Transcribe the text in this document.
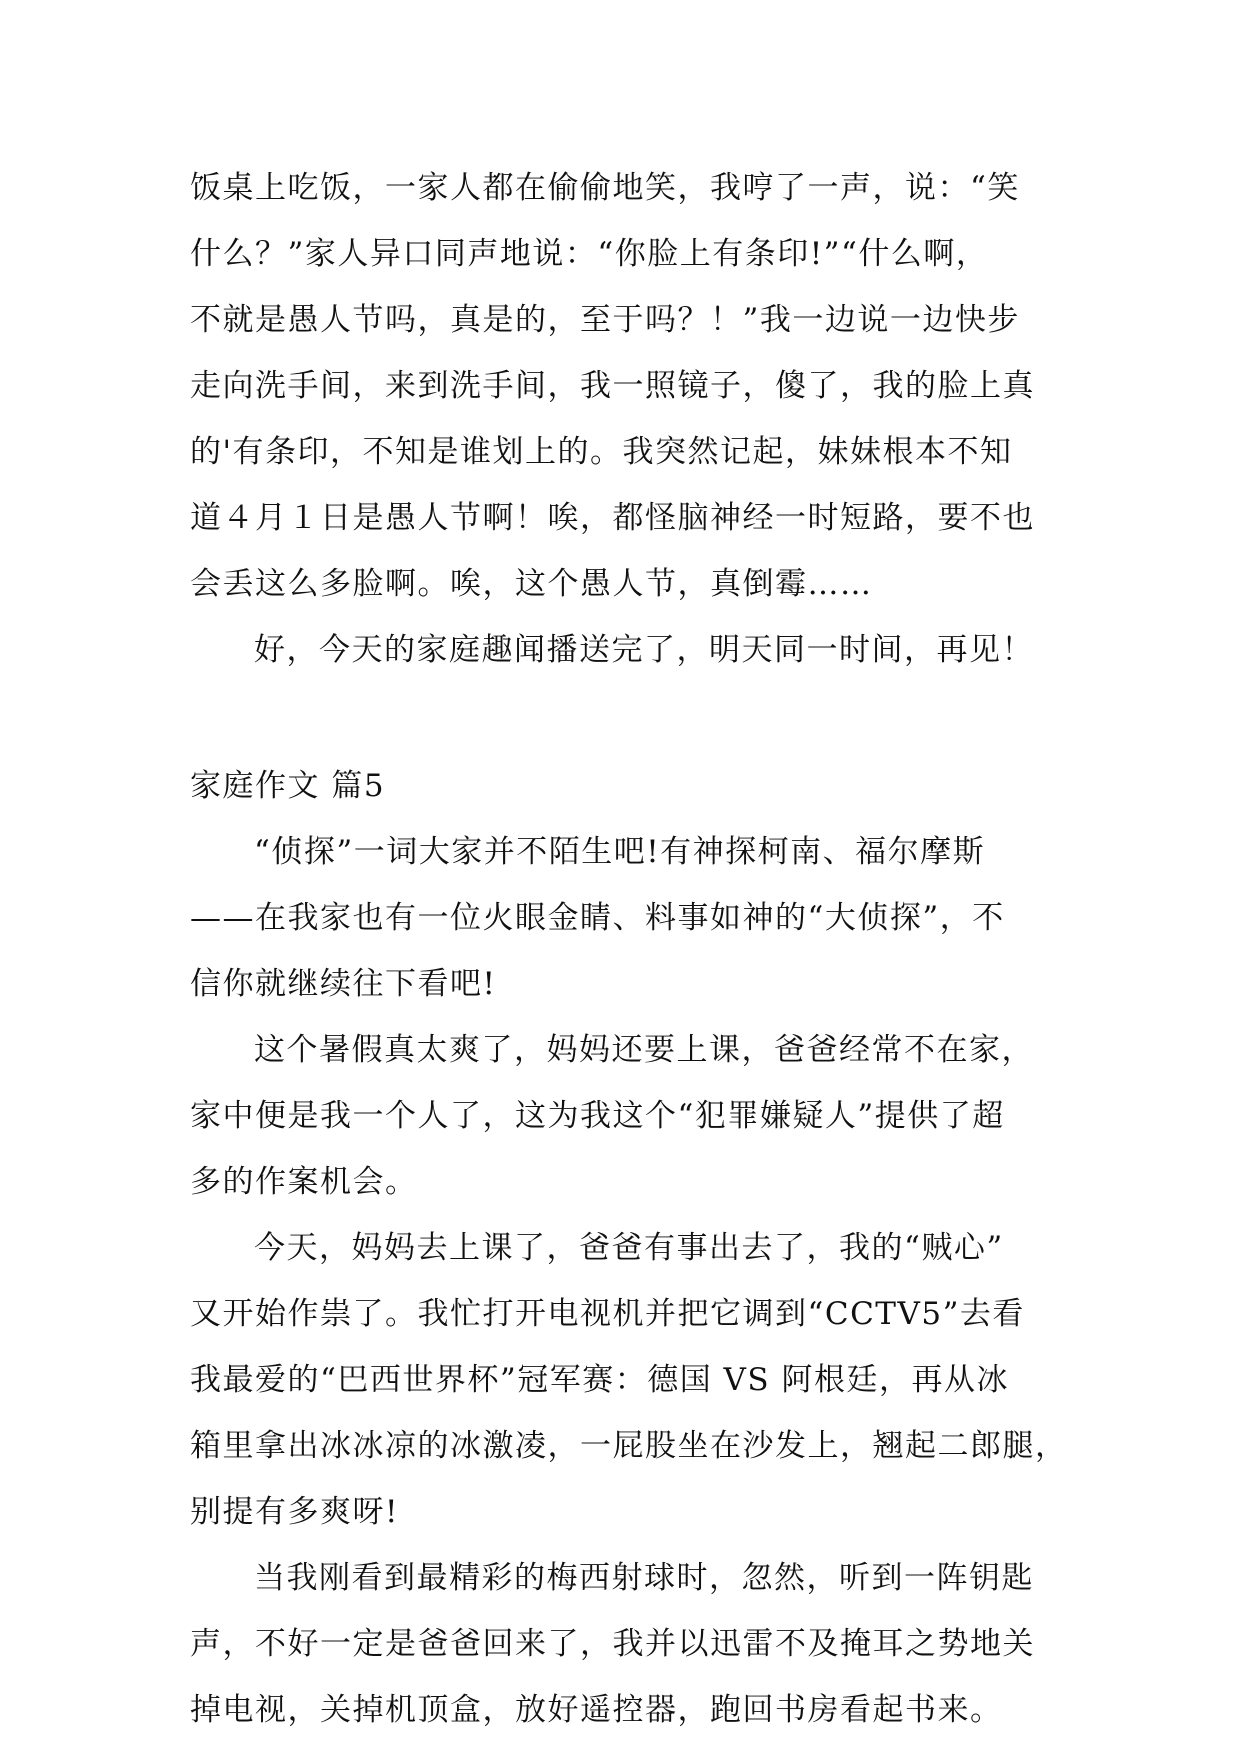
饭桌上吃饭，一家人都在偷偷地笑，我哼了一声，说：“笑
什么？”家人异口同声地说：“你脸上有条印!”“什么啊，
不就是愚人节吗，真是的，至于吗？！”我一边说一边快步
走向洗手间，来到洗手间，我一照镜子，傻了，我的脸上真
的'有条印，不知是谁划上的。我突然记起，妹妹根本不知
道４月１日是愚人节啊！唉，都怪脑神经一时短路，要不也
会丢这么多脸啊。唉，这个愚人节，真倒霉……
好，今天的家庭趣闻播送完了，明天同一时间，再见！
家庭作文 篇5
“侦探”一词大家并不陌生吧!有神探柯南、福尔摩斯
——在我家也有一位火眼金睛、料事如神的“大侦探”，不
信你就继续往下看吧!
这个暑假真太爽了，妈妈还要上课，爸爸经常不在家，
家中便是我一个人了，这为我这个“犯罪嫌疑人”提供了超
多的作案机会。
今天，妈妈去上课了，爸爸有事出去了，我的“贼心”
又开始作祟了。我忙打开电视机并把它调到“CCTV5”去看
我最爱的“巴西世界杯”冠军赛：德国 VS 阿根廷，再从冰
箱里拿出冰冰凉的冰激凌，一屁股坐在沙发上，翘起二郎腿，
别提有多爽呀!
当我刚看到最精彩的梅西射球时，忽然，听到一阵钥匙
声，不好一定是爸爸回来了，我并以迅雷不及掩耳之势地关
掉电视，关掉机顶盒，放好遥控器，跑回书房看起书来。
